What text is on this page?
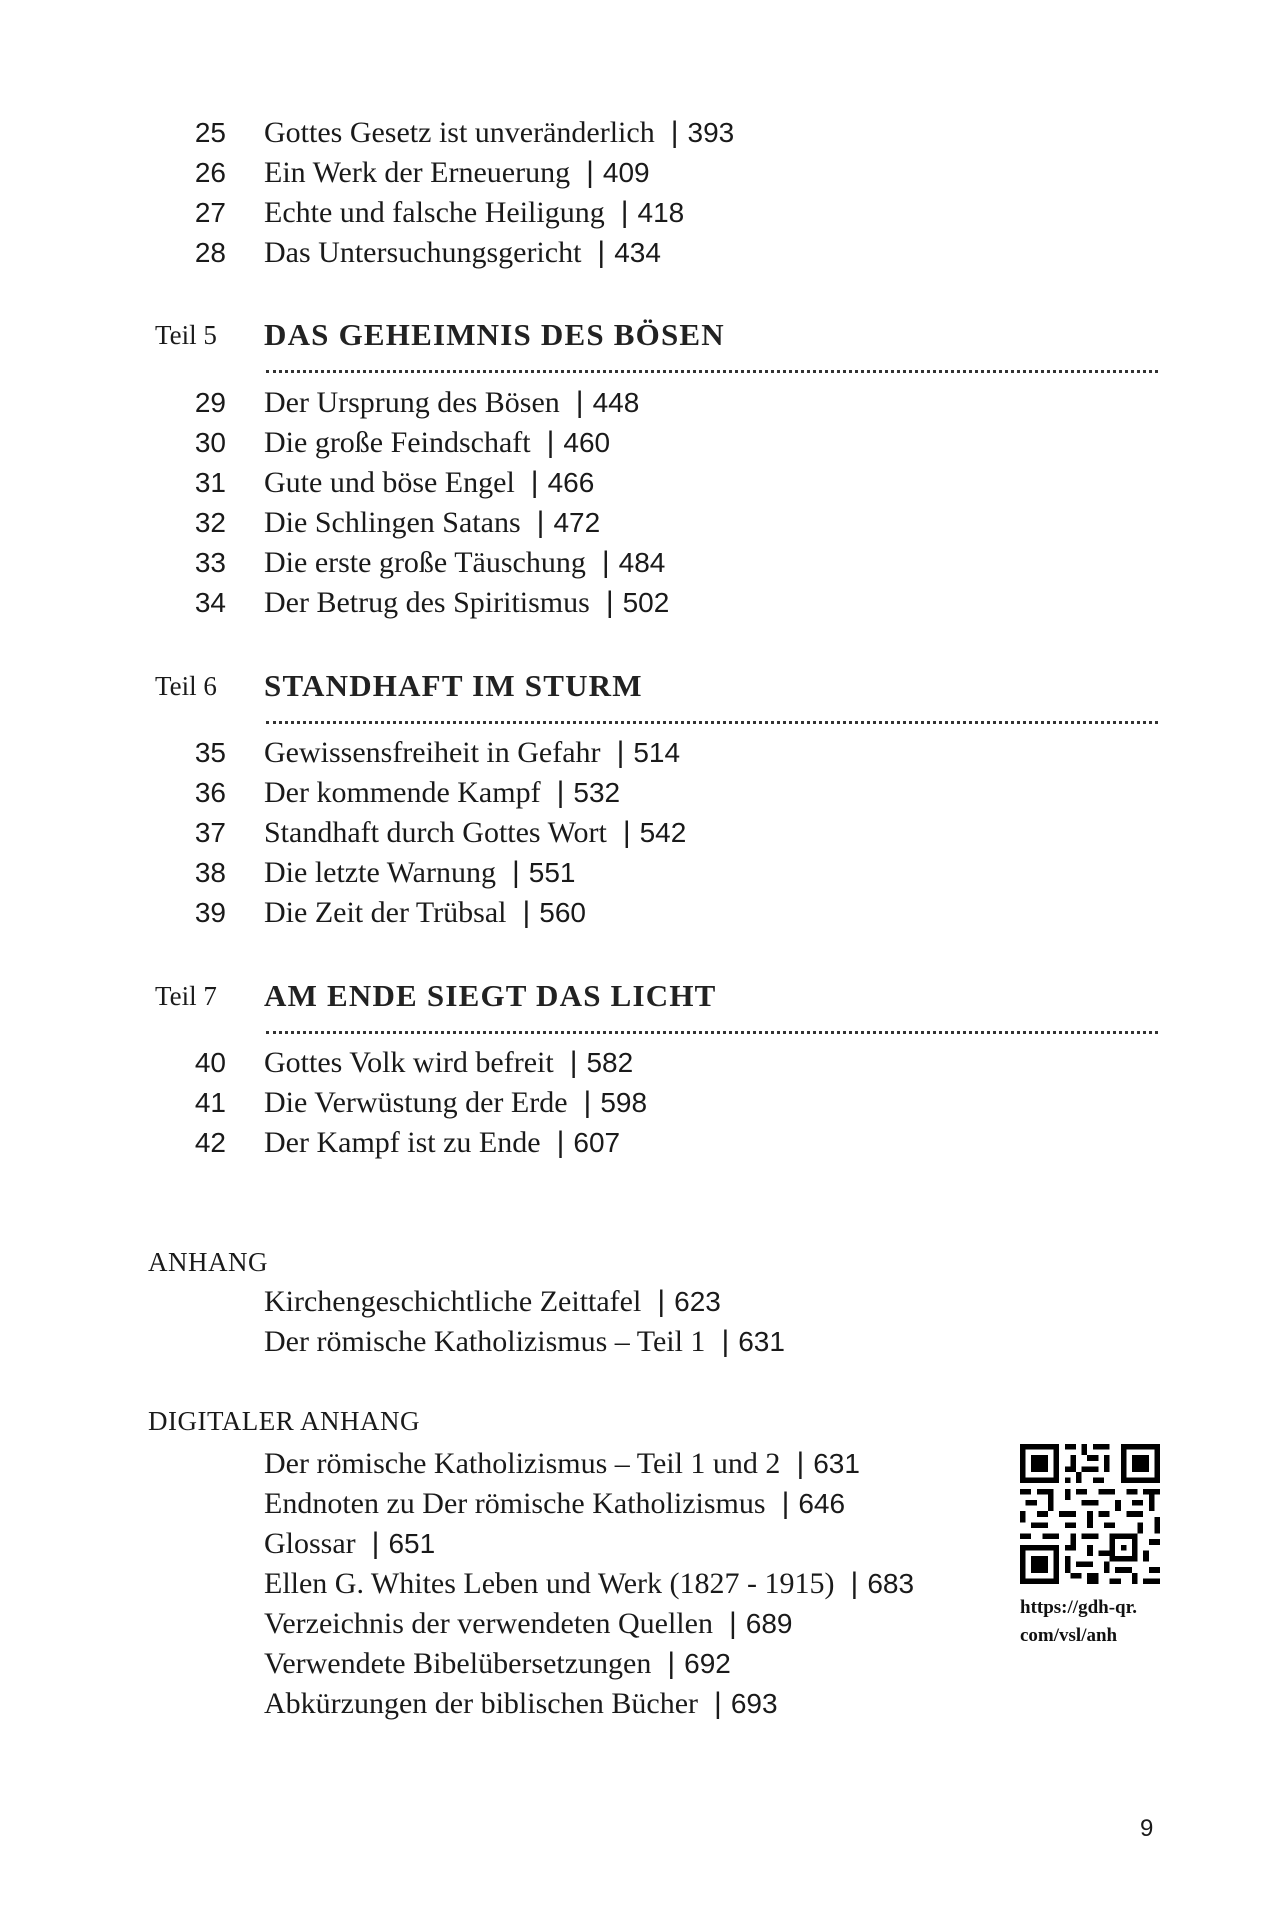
25 Gottes Gesetz ist unveränderlich | 393
26 Ein Werk der Erneuerung | 409
27 Echte und falsche Heiligung | 418
28 Das Untersuchungsgericht | 434
Teil 5 DAS GEHEIMNIS DES BÖSEN
29 Der Ursprung des Bösen | 448
30 Die große Feindschaft | 460
31 Gute und böse Engel | 466
32 Die Schlingen Satans | 472
33 Die erste große Täuschung | 484
34 Der Betrug des Spiritismus | 502
Teil 6 STANDHAFT IM STURM
35 Gewissensfreiheit in Gefahr | 514
36 Der kommende Kampf | 532
37 Standhaft durch Gottes Wort | 542
38 Die letzte Warnung | 551
39 Die Zeit der Trübsal | 560
Teil 7 AM ENDE SIEGT DAS LICHT
40 Gottes Volk wird befreit | 582
41 Die Verwüstung der Erde | 598
42 Der Kampf ist zu Ende | 607
ANHANG
Kirchengeschichtliche Zeittafel | 623
Der römische Katholizismus – Teil 1 | 631
DIGITALER ANHANG
Der römische Katholizismus – Teil 1 und 2 | 631
Endnoten zu Der römische Katholizismus | 646
Glossar | 651
Ellen G. Whites Leben und Werk (1827 - 1915) | 683
Verzeichnis der verwendeten Quellen | 689
Verwendete Bibelübersetzungen | 692
Abkürzungen der biblischen Bücher | 693
https://gdh-qr.
com/vsl/anh
9
